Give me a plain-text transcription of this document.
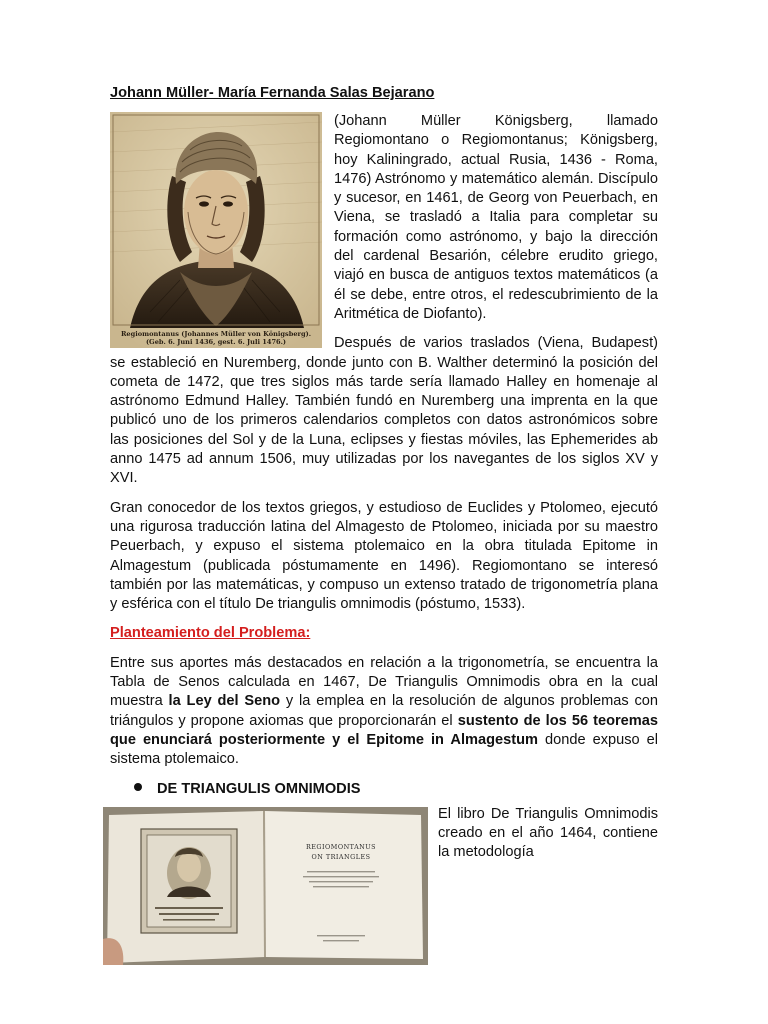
Johann Müller- María Fernanda Salas Bejarano
Regiomontanus (Johannes Müller von Königsberg).
(Geb. 6. Juni 1436, gest. 6. Juli 1476.)

(Johann Müller Königsberg, llamado Regiomontano o Regiomontanus; Königsberg, hoy Kaliningrado, actual Rusia, 1436 - Roma, 1476) Astrónomo y matemático alemán. Discípulo y sucesor, en 1461, de Georg von Peuerbach, en Viena, se trasladó a Italia para completar su formación como astrónomo, y bajo la dirección del cardenal Besarión, célebre erudito griego, viajó en busca de antiguos textos matemáticos (a él se debe, entre otros, el redescubrimiento de la Aritmética de Diofanto).

Después de varios traslados (Viena, Budapest) se estableció en Nuremberg, donde junto con B. Walther determinó la posición del cometa de 1472, que tres siglos más tarde sería llamado Halley en homenaje al astrónomo Edmund Halley. También fundó en Nuremberg una imprenta en la que publicó uno de los primeros calendarios completos con datos astronómicos sobre las posiciones del Sol y de la Luna, eclipses y fiestas móviles, las Ephemerides ab anno 1475 ad annum 1506, muy utilizadas por los navegantes de los siglos XV y XVI.

Gran conocedor de los textos griegos, y estudioso de Euclides y Ptolomeo, ejecutó una rigurosa traducción latina del Almagesto de Ptolomeo, iniciada por su maestro Peuerbach, y expuso el sistema ptolemaico en la obra titulada Epitome in Almagestum (publicada póstumamente en 1496). Regiomontano se interesó también por las matemáticas, y compuso un extenso tratado de trigonometría plana y esférica con el título De triangulis omnimodis (póstumo, 1533).

Planteamiento del Problema:

Entre sus aportes más destacados en relación a la trigonometría, se encuentra la Tabla de Senos calculada en 1467, De Triangulis Omnimodis obra en la cual muestra la Ley del Seno y la emplea en la resolución de algunos problemas con triángulos y propone axiomas que proporcionarán el sustento de los 56 teoremas que enunciará posteriormente y el Epitome in Almagestum donde expuso el sistema ptolemaico.

DE TRIANGULIS OMNIMODIS
REGIOMONTANUS
ON TRIANGLES

El libro De Triangulis Omnimodis creado en el año 1464, contiene la metodología
